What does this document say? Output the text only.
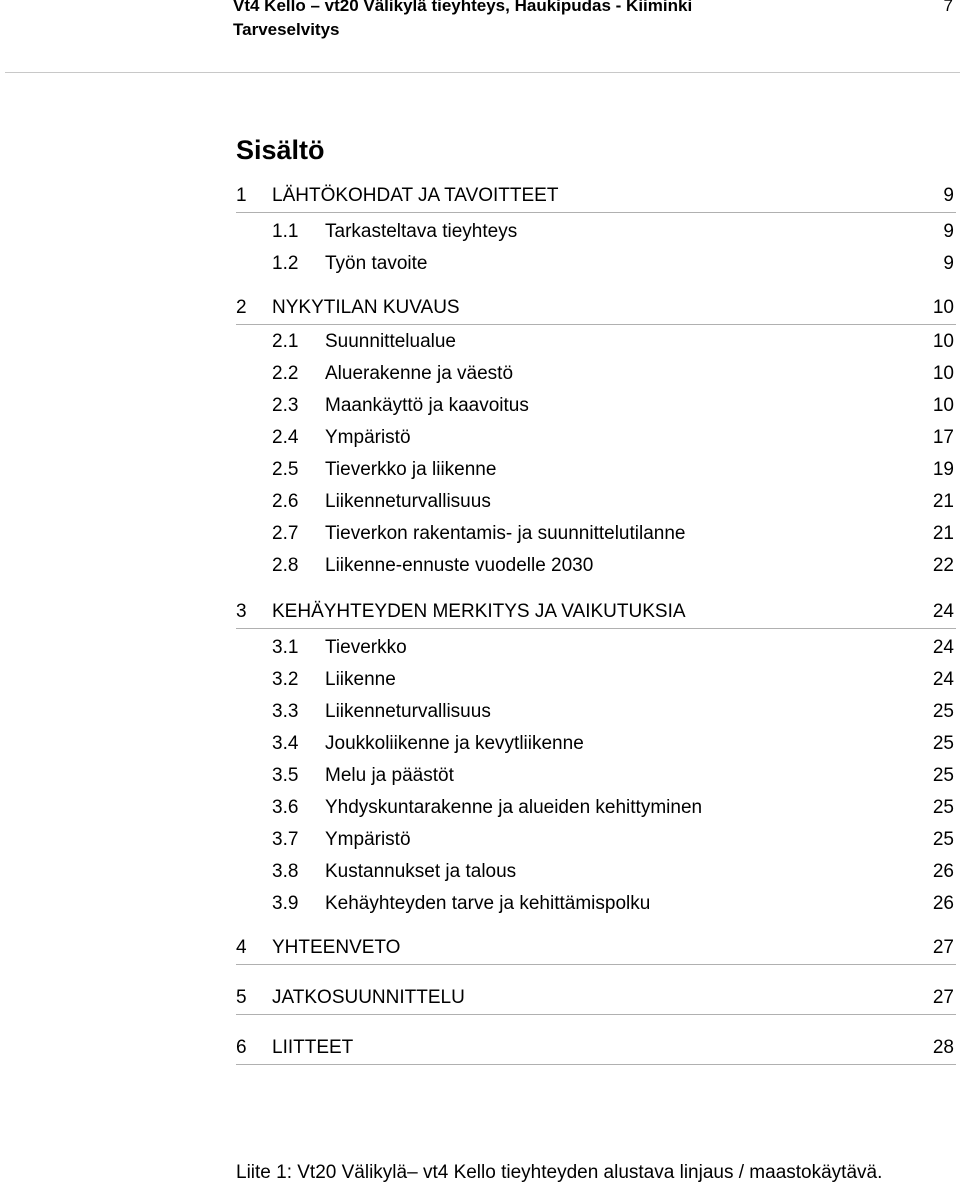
Vt4 Kello – vt20 Välikylä tieyhteys, Haukipudas - Kiiminki
Tarveselvitys
7
Sisältö
1 LÄHTÖKOHDAT JA TAVOITTEET	9
1.1 Tarkasteltava tieyhteys	9
1.2 Työn tavoite	9
2 NYKYTILAN KUVAUS	10
2.1 Suunnittelualue	10
2.2 Aluerakenne ja väestö	10
2.3 Maankäyttö ja kaavoitus	10
2.4 Ympäristö	17
2.5 Tieverkko ja liikenne	19
2.6 Liikenneturvallisuus	21
2.7 Tieverkon rakentamis- ja suunnittelutilanne	21
2.8 Liikenne-ennuste vuodelle 2030	22
3 KEHÄYHTEYDEN MERKITYS JA VAIKUTUKSIA	24
3.1 Tieverkko	24
3.2 Liikenne	24
3.3 Liikenneturvallisuus	25
3.4 Joukkoliikenne ja kevytliikenne	25
3.5 Melu ja päästöt	25
3.6 Yhdyskuntarakenne ja alueiden kehittyminen	25
3.7 Ympäristö	25
3.8 Kustannukset ja talous	26
3.9 Kehäyhteyden tarve ja kehittämispolku	26
4 YHTEENVETO	27
5 JATKOSUUNNITTELU	27
6 LIITTEET	28
Liite 1: Vt20 Välikylä– vt4 Kello tieyhteyden alustava linjaus / maastokäytävä.
